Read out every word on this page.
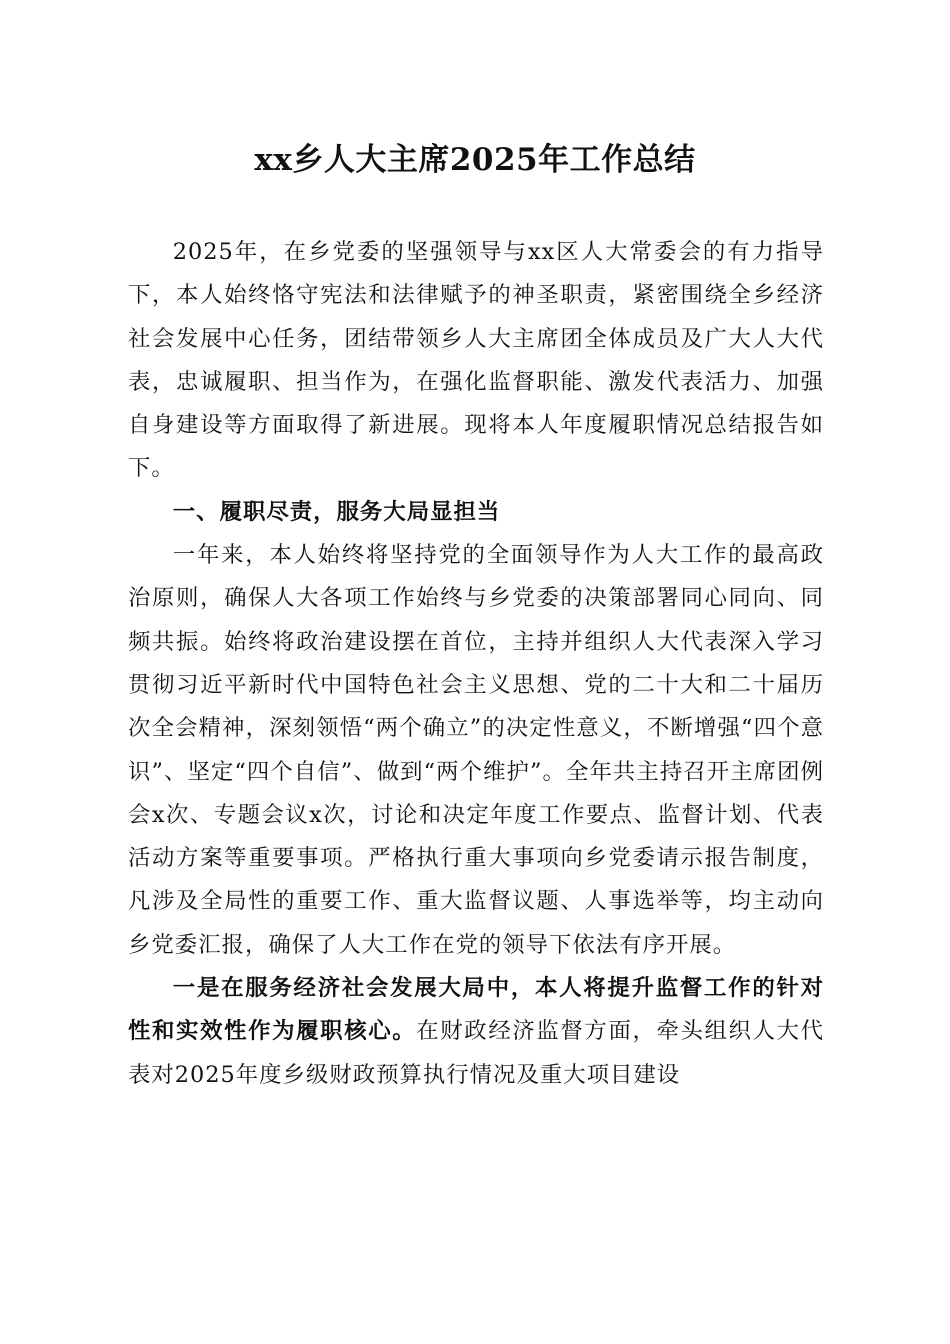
xx乡人大主席2025年工作总结

2025年，在乡党委的坚强领导与xx区人大常委会的有力指导下，本人始终恪守宪法和法律赋予的神圣职责，紧密围绕全乡经济社会发展中心任务，团结带领乡人大主席团全体成员及广大人大代表，忠诚履职、担当作为，在强化监督职能、激发代表活力、加强自身建设等方面取得了新进展。现将本人年度履职情况总结报告如下。

一、履职尽责，服务大局显担当

一年来，本人始终将坚持党的全面领导作为人大工作的最高政治原则，确保人大各项工作始终与乡党委的决策部署同心同向、同频共振。始终将政治建设摆在首位，主持并组织人大代表深入学习贯彻习近平新时代中国特色社会主义思想、党的二十大和二十届历次全会精神，深刻领悟“两个确立”的决定性意义，不断增强“四个意识”、坚定“四个自信”、做到“两个维护”。全年共主持召开主席团例会x次、专题会议x次，讨论和决定年度工作要点、监督计划、代表活动方案等重要事项。严格执行重大事项向乡党委请示报告制度，凡涉及全局性的重要工作、重大监督议题、人事选举等，均主动向乡党委汇报，确保了人大工作在党的领导下依法有序开展。

一是在服务经济社会发展大局中，本人将提升监督工作的针对性和实效性作为履职核心。在财政经济监督方面，牵头组织人大代表对2025年度乡级财政预算执行情况及重大项目建设
